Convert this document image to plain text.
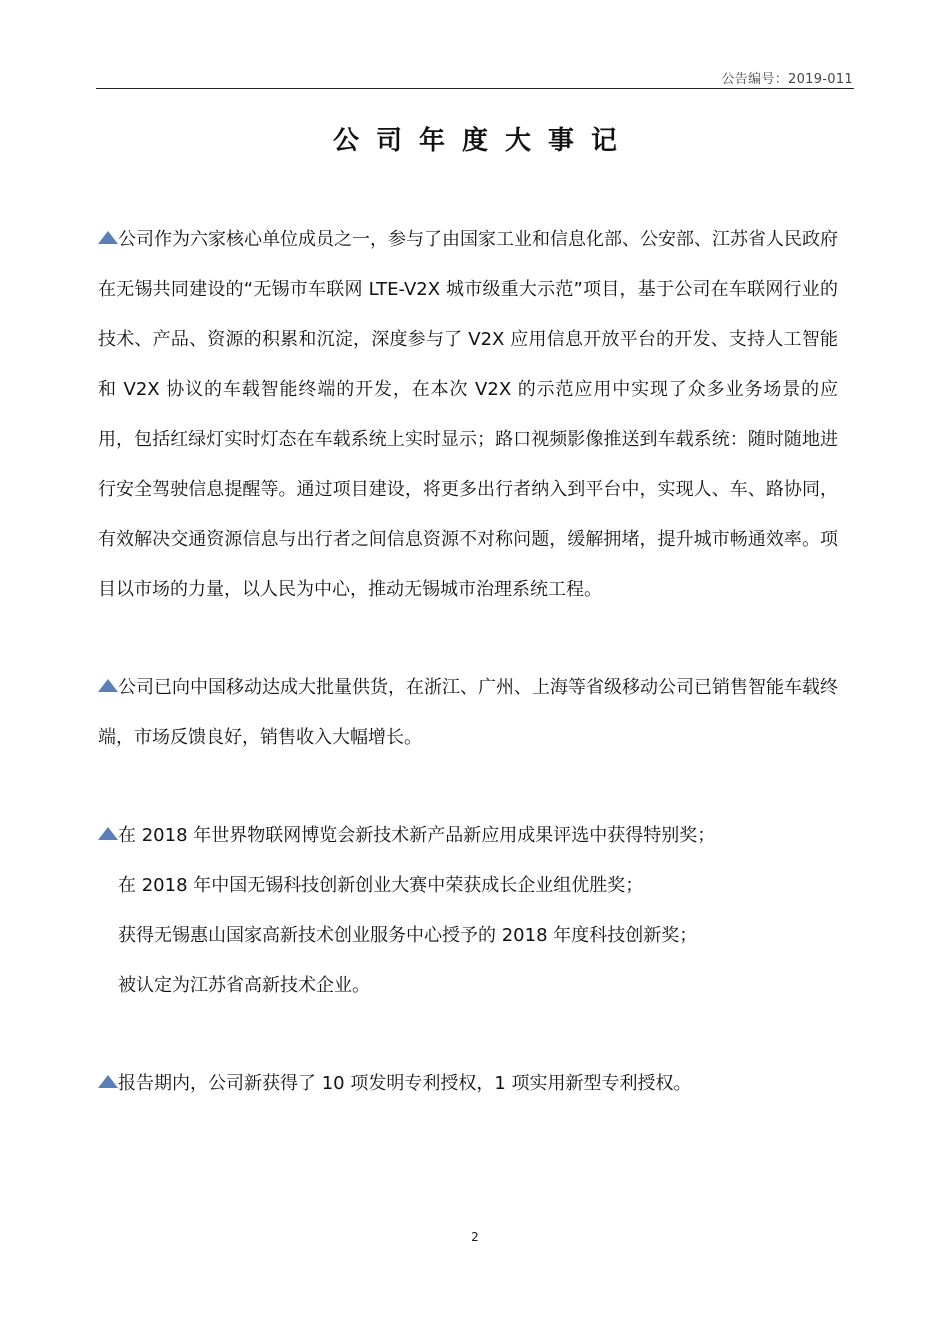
公告编号：2019-011
公司年度大事记

公司作为六家核心单位成员之一，参与了由国家工业和信息化部、公安部、江苏省人民政府在无锡共同建设的“无锡市车联网 LTE-V2X 城市级重大示范”项目，基于公司在车联网行业的技术、产品、资源的积累和沉淀，深度参与了 V2X 应用信息开放平台的开发、支持人工智能和 V2X 协议的车载智能终端的开发，在本次 V2X 的示范应用中实现了众多业务场景的应用，包括红绿灯实时灯态在车载系统上实时显示；路口视频影像推送到车载系统：随时随地进行安全驾驶信息提醒等。通过项目建设，将更多出行者纳入到平台中，实现人、车、路协同，有效解决交通资源信息与出行者之间信息资源不对称问题，缓解拥堵，提升城市畅通效率。项目以市场的力量，以人民为中心，推动无锡城市治理系统工程。

公司已向中国移动达成大批量供货，在浙江、广州、上海等省级移动公司已销售智能车载终端，市场反馈良好，销售收入大幅增长。

在 2018 年世界物联网博览会新技术新产品新应用成果评选中获得特别奖；

在 2018 年中国无锡科技创新创业大赛中荣获成长企业组优胜奖；

获得无锡惠山国家高新技术创业服务中心授予的 2018 年度科技创新奖；

被认定为江苏省高新技术企业。

报告期内，公司新获得了 10 项发明专利授权，1 项实用新型专利授权。

2
